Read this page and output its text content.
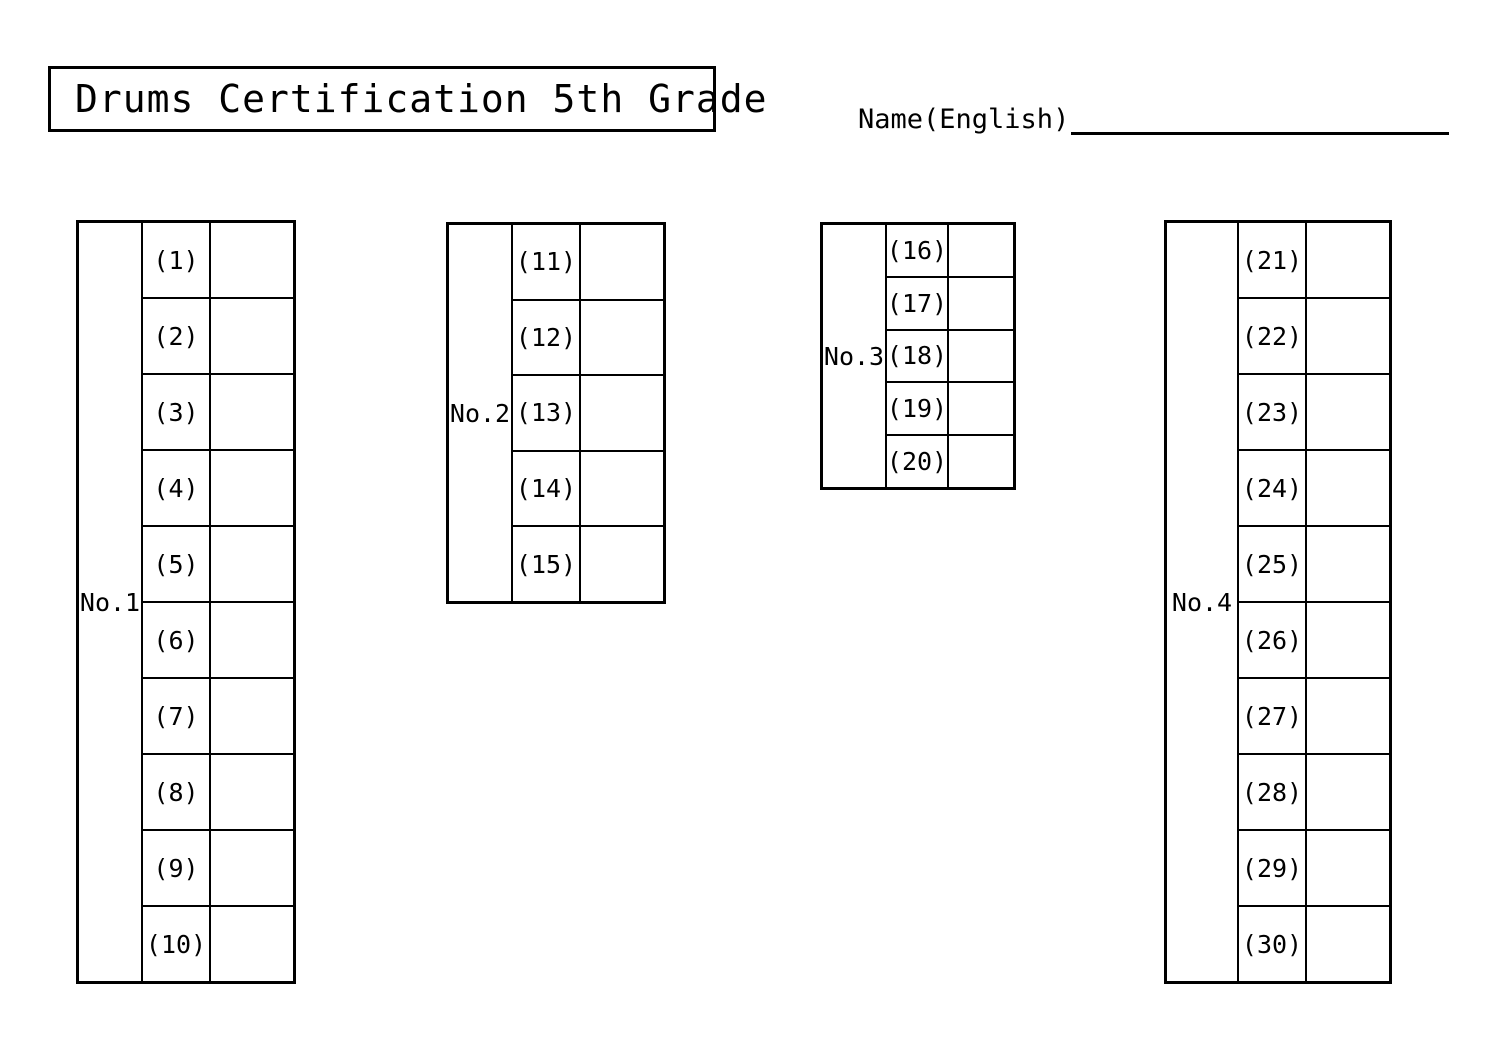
Drums Certification 5th Grade	Name(English)
No.1
(1)
(2)
(3)
(4)
(5)
(6)
(7)
(8)
(9)
(10)
No.2
(11)
(12)
(13)
(14)
(15)
No.3
(16)
(17)
(18)
(19)
(20)
No.4
(21)
(22)
(23)
(24)
(25)
(26)
(27)
(28)
(29)
(30)
